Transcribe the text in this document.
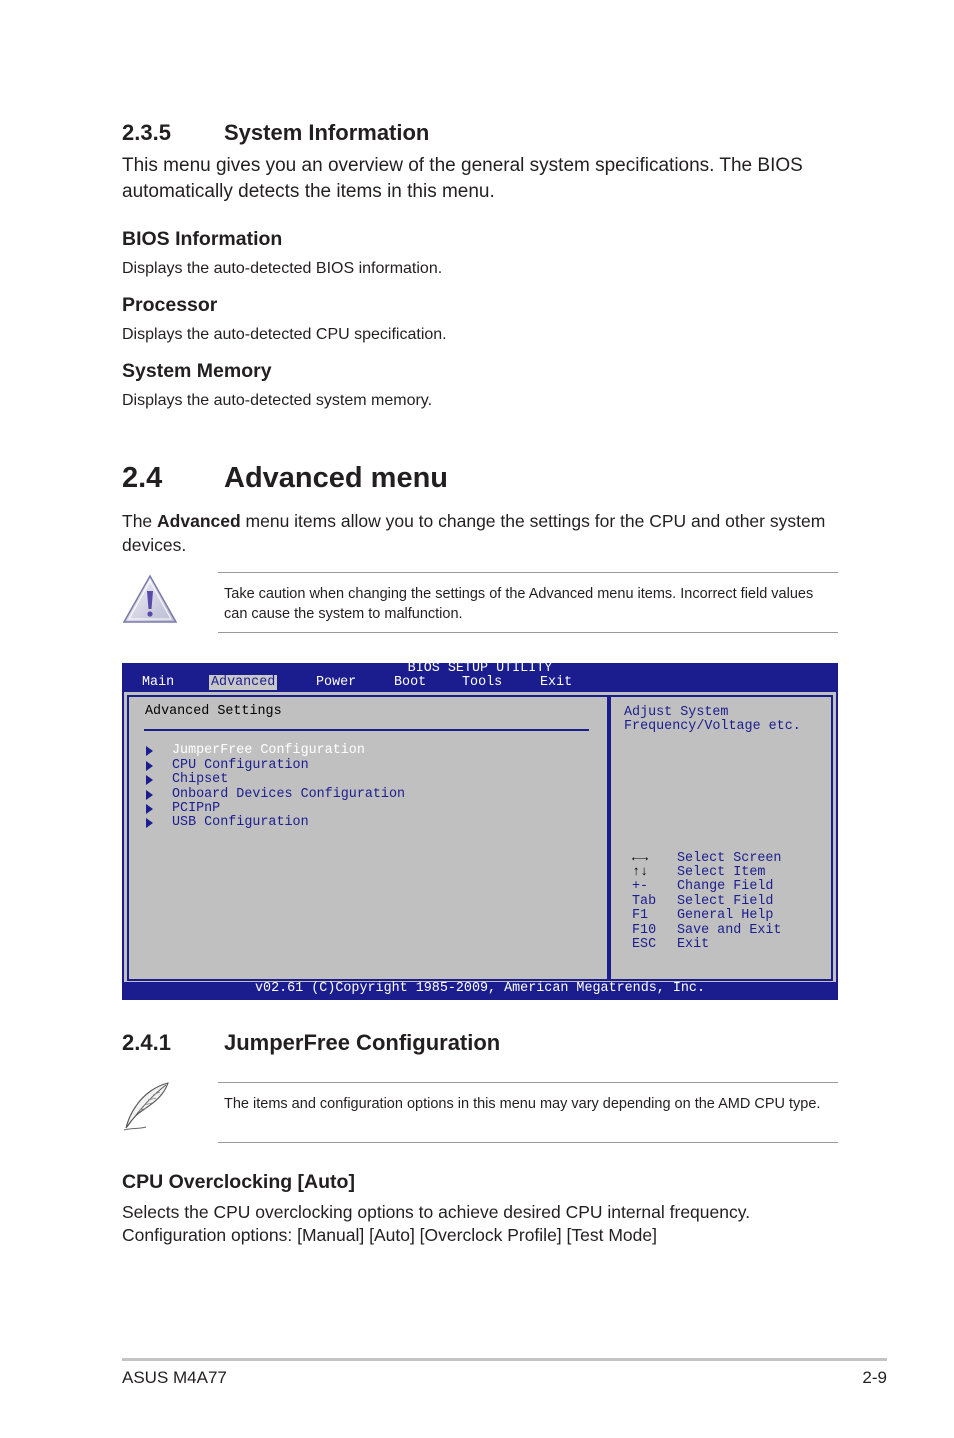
2.3.5 System Information
This menu gives you an overview of the general system specifications. The BIOS automatically detects the items in this menu.
BIOS Information
Displays the auto-detected BIOS information.
Processor
Displays the auto-detected CPU specification.
System Memory
Displays the auto-detected system memory.
2.4 Advanced menu
The Advanced menu items allow you to change the settings for the CPU and other system devices.
Take caution when changing the settings of the Advanced menu items. Incorrect field values can cause the system to malfunction.
BIOS SETUP UTILITY
Main	Advanced	Power	Boot	Tools	Exit
Advanced Settings
JumperFree Configuration
CPU Configuration
Chipset
Onboard Devices Configuration
PCIPnP
USB Configuration
Adjust System
Frequency/Voltage etc.
←→ Select Screen
↑↓ Select Item
+- Change Field
Tab Select Field
F1 General Help
F10 Save and Exit
ESC Exit
v02.61 (C)Copyright 1985-2009, American Megatrends, Inc.
2.4.1 JumperFree Configuration
The items and configuration options in this menu may vary depending on the AMD CPU type.
CPU Overclocking [Auto]
Selects the CPU overclocking options to achieve desired CPU internal frequency.
Configuration options: [Manual] [Auto] [Overclock Profile] [Test Mode]
ASUS M4A77	2-9
